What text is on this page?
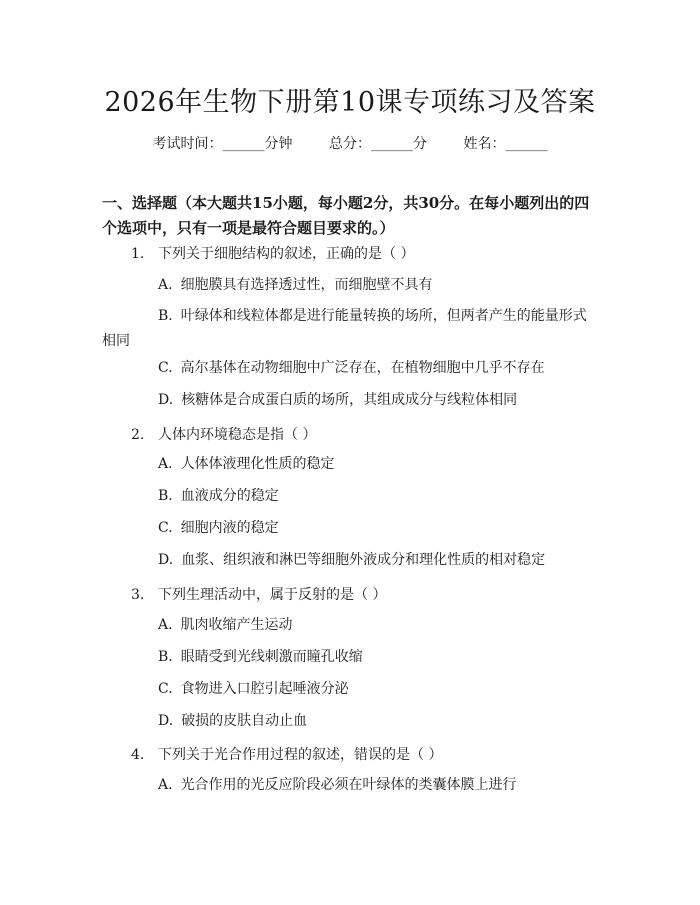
2026年生物下册第10课专项练习及答案

考试时间：______分钟	总分：______分	姓名：______

一、选择题（本大题共15小题，每小题2分，共30分。在每小题列出的四个选项中，只有一项是最符合题目要求的。）

1. 下列关于细胞结构的叙述，正确的是（ ）

A. 细胞膜具有选择透过性，而细胞壁不具有

B. 叶绿体和线粒体都是进行能量转换的场所，但两者产生的能量形式相同

C. 高尔基体在动物细胞中广泛存在，在植物细胞中几乎不存在

D. 核糖体是合成蛋白质的场所，其组成成分与线粒体相同

2. 人体内环境稳态是指（ ）

A. 人体体液理化性质的稳定

B. 血液成分的稳定

C. 细胞内液的稳定

D. 血浆、组织液和淋巴等细胞外液成分和理化性质的相对稳定

3. 下列生理活动中，属于反射的是（ ）

A. 肌肉收缩产生运动

B. 眼睛受到光线刺激而瞳孔收缩

C. 食物进入口腔引起唾液分泌

D. 破损的皮肤自动止血

4. 下列关于光合作用过程的叙述，错误的是（ ）

A. 光合作用的光反应阶段必须在叶绿体的类囊体膜上进行
